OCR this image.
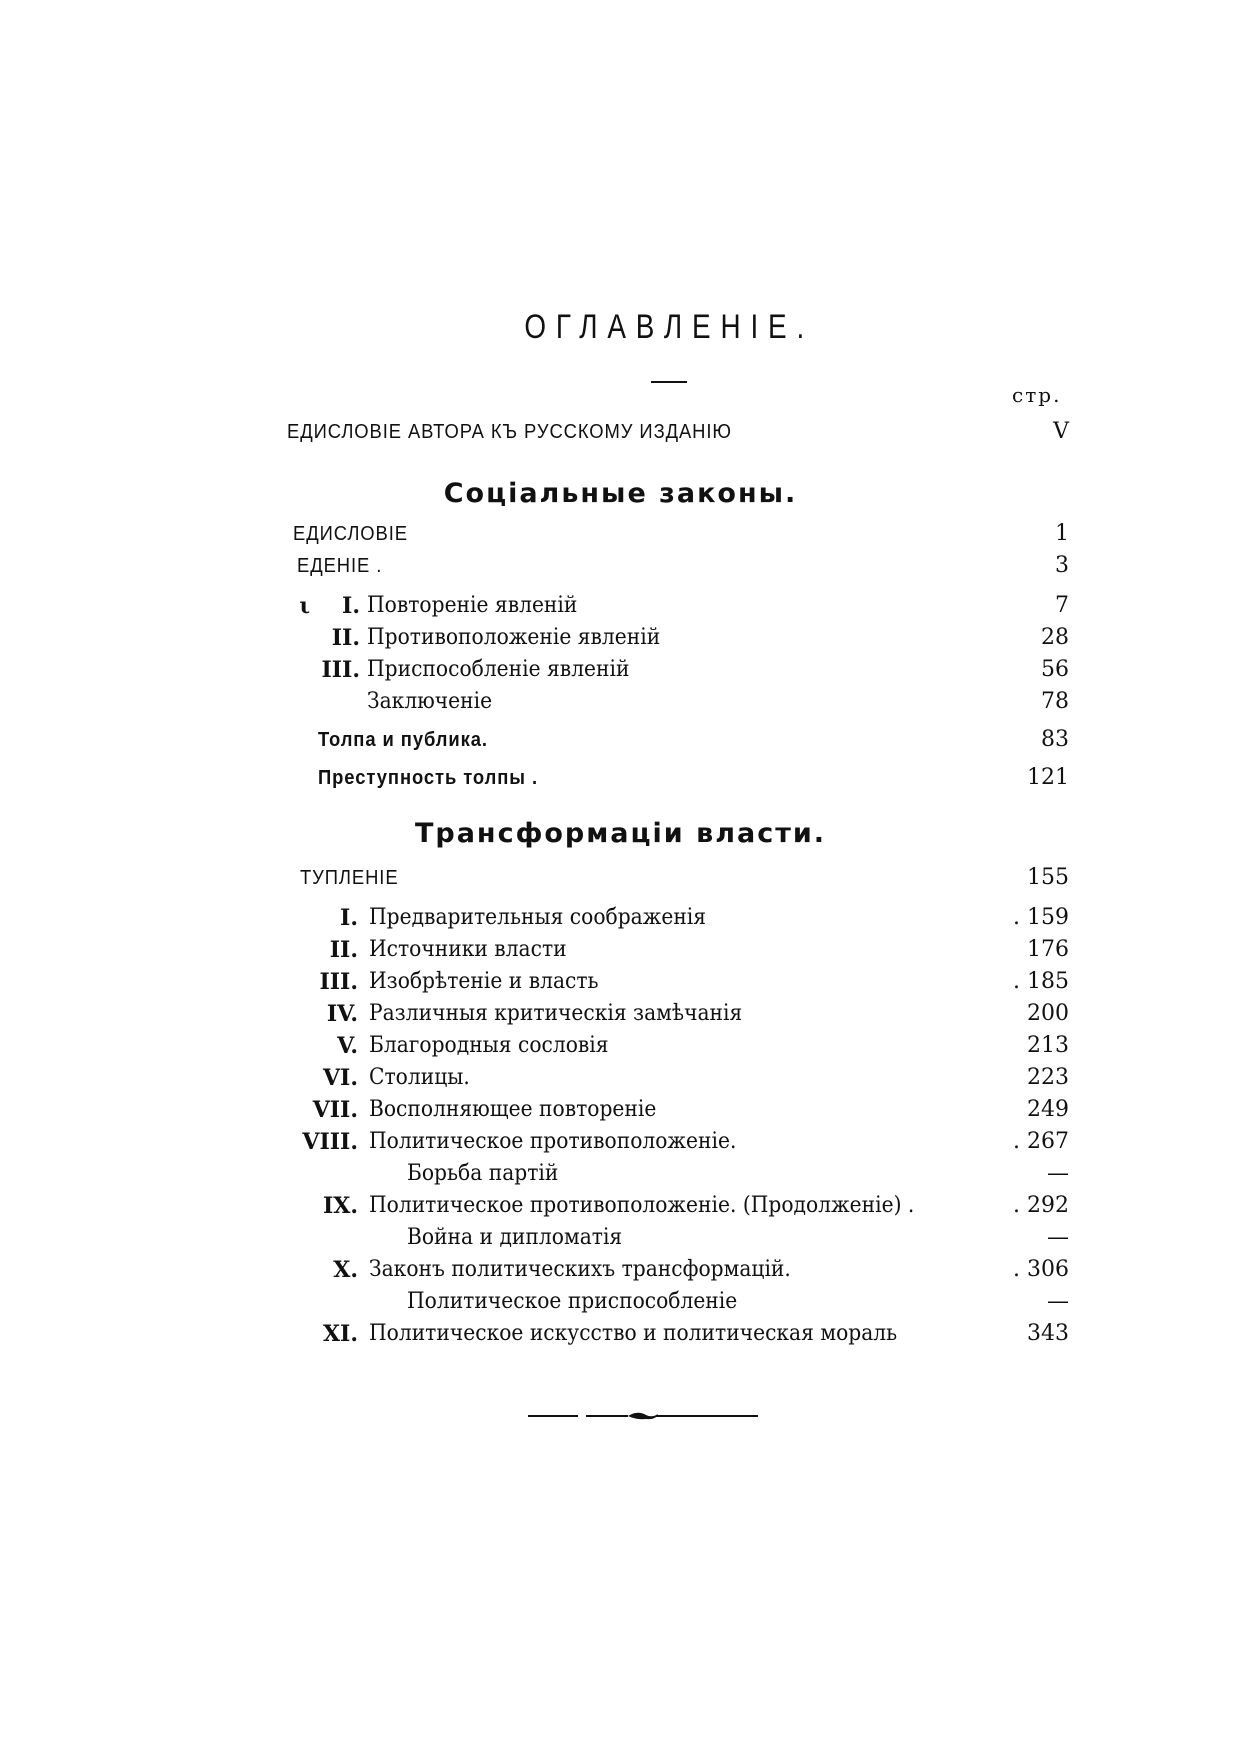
ОГЛАВЛЕНІЕ.
стр.
ЕДИСЛОВІЕ АВТОРА КЪ РУССКОМУ ИЗДАНІЮ	V
Соціальные законы.
ЕДИСЛОВІЕ	1
ЕДЕНІЕ .	3
ι	I. Повтореніе явленій	7
II. Противоположеніе явленій	28
III. Приспособленіе явленій	56
Заключеніе	78
Толпа и публика.	83
Преступность толпы .	121
Трансформаціи власти.
ТУПЛЕНІЕ	155
I. Предварительныя соображенія	. 159
II. Источники власти	176
III. Изобрѣтеніе и власть	. 185
IV. Различныя критическія замѣчанія	200
V. Благородныя сословія	213
VI. Столицы.	223
VII. Восполняющее повтореніе	249
VIII. Политическое противоположеніе.	. 267
Борьба партій	—
IX. Политическое противоположеніе. (Продолженіе) .	. 292
Война и дипломатія	—
X. Законъ политическихъ трансформацій.	. 306
Политическое приспособленіе	—
XI. Политическое искусство и политическая мораль	343
